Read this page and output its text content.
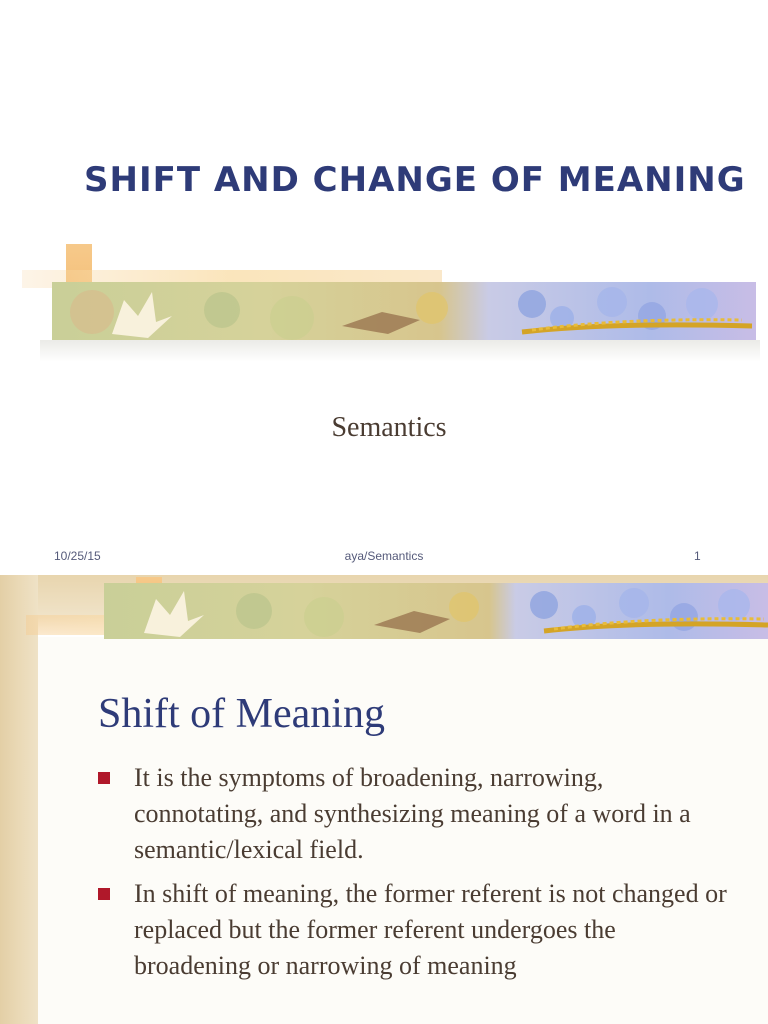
SHIFT AND CHANGE OF MEANING
Semantics
10/25/15	aya/Semantics	1
Shift of Meaning
It is the symptoms of broadening, narrowing, connotating, and synthesizing meaning of a word in a semantic/lexical field.
In shift of meaning, the former referent is not changed or replaced but the former referent undergoes the broadening or narrowing of meaning
